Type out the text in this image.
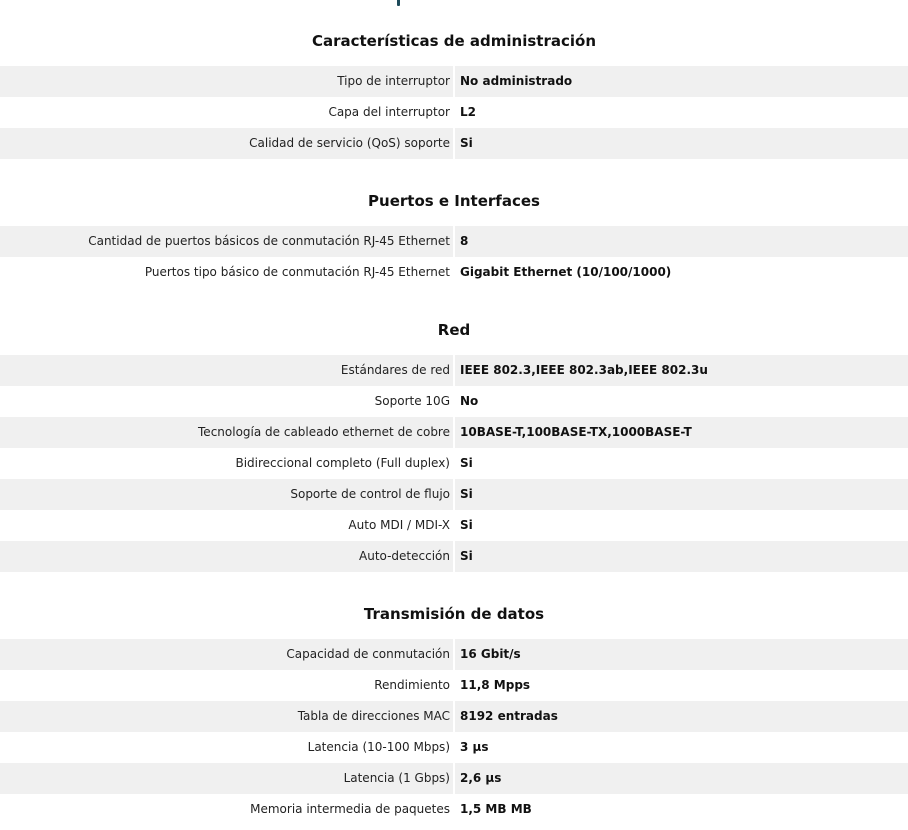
Características de administración
Tipo de interruptor No administrado
Capa del interruptor L2
Calidad de servicio (QoS) soporte Si
Puertos e Interfaces
Cantidad de puertos básicos de conmutación RJ-45 Ethernet 8
Puertos tipo básico de conmutación RJ-45 Ethernet Gigabit Ethernet (10/100/1000)
Red
Estándares de red IEEE 802.3,IEEE 802.3ab,IEEE 802.3u
Soporte 10G No
Tecnología de cableado ethernet de cobre 10BASE-T,100BASE-TX,1000BASE-T
Bidireccional completo (Full duplex) Si
Soporte de control de flujo Si
Auto MDI / MDI-X Si
Auto-detección Si
Transmisión de datos
Capacidad de conmutación 16 Gbit/s
Rendimiento 11,8 Mpps
Tabla de direcciones MAC 8192 entradas
Latencia (10-100 Mbps) 3 µs
Latencia (1 Gbps) 2,6 µs
Memoria intermedia de paquetes 1,5 MB MB
